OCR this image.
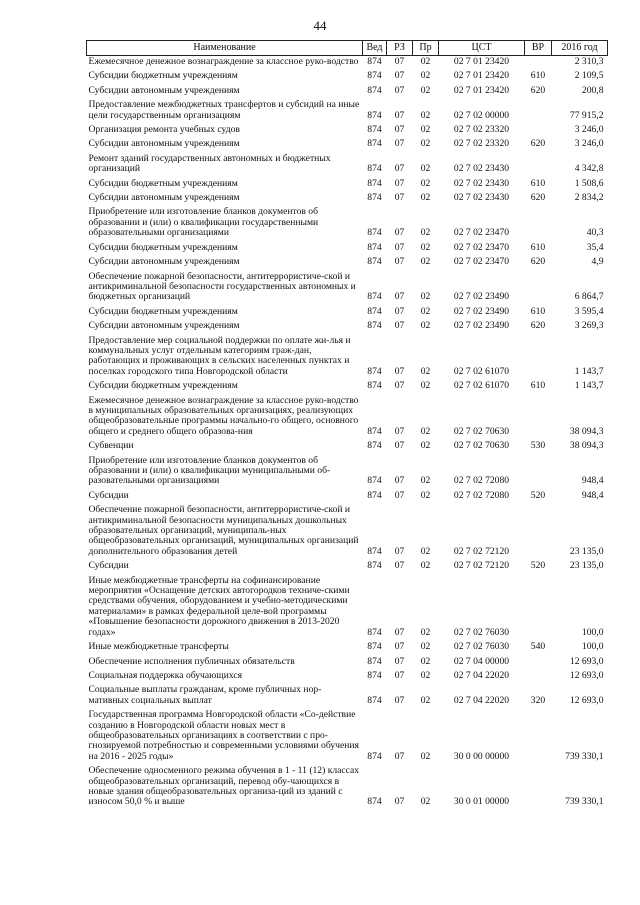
44
Наименование	Вед	РЗ	Пр	ЦСТ	ВР	2016 год
Ежемесячное денежное вознаграждение за классное руко-водство	874	07	02	02 7 01 23420		2 310,3
Субсидии бюджетным учреждениям	874	07	02	02 7 01 23420	610	2 109,5
Субсидии автономным учреждениям	874	07	02	02 7 01 23420	620	200,8
Предоставление межбюджетных трансфертов и субсидий на иные цели государственным организациям	874	07	02	02 7 02 00000		77 915,2
Организация ремонта учебных судов	874	07	02	02 7 02 23320		3 246,0
Субсидии автономным учреждениям	874	07	02	02 7 02 23320	620	3 246,0
Ремонт зданий государственных автономных и бюджетных организаций	874	07	02	02 7 02 23430		4 342,8
Субсидии бюджетным учреждениям	874	07	02	02 7 02 23430	610	1 508,6
Субсидии автономным учреждениям	874	07	02	02 7 02 23430	620	2 834,2
Приобретение или изготовление бланков документов об образовании и (или) о квалификации государственными образовательными организациями	874	07	02	02 7 02 23470		40,3
Субсидии бюджетным учреждениям	874	07	02	02 7 02 23470	610	35,4
Субсидии автономным учреждениям	874	07	02	02 7 02 23470	620	4,9
Обеспечение пожарной безопасности, антитеррористиче-ской и антикриминальной безопасности государственных автономных и бюджетных организаций	874	07	02	02 7 02 23490		6 864,7
Субсидии бюджетным учреждениям	874	07	02	02 7 02 23490	610	3 595,4
Субсидии автономным учреждениям	874	07	02	02 7 02 23490	620	3 269,3
Предоставление мер социальной поддержки по оплате жи-лья и коммунальных услуг отдельным категориям граж-дан, работающих и проживающих в сельских населенных пунктах и поселках городского типа Новгородской области	874	07	02	02 7 02 61070		1 143,7
Субсидии бюджетным учреждениям	874	07	02	02 7 02 61070	610	1 143,7
Ежемесячное денежное вознаграждение за классное руко-водство в муниципальных образовательных организациях, реализующих общеобразовательные программы начально-го общего, основного общего и среднего общего образова-ния	874	07	02	02 7 02 70630		38 094,3
Субвенции	874	07	02	02 7 02 70630	530	38 094,3
Приобретение или изготовление бланков документов об образовании и (или) о квалификации муниципальными об-разовательными организациями	874	07	02	02 7 02 72080		948,4
Субсидии	874	07	02	02 7 02 72080	520	948,4
Обеспечение пожарной безопасности, антитеррористиче-ской и антикриминальной безопасности муниципальных дошкольных образовательных организаций, муниципаль-ных общеобразовательных организаций, муниципальных организаций дополнительного образования детей	874	07	02	02 7 02 72120		23 135,0
Субсидии	874	07	02	02 7 02 72120	520	23 135,0
Иные межбюджетные трансферты на софинансирование мероприятия «Оснащение детских автогородков техниче-скими средствами обучения, оборудованием и учебно-методическими материалами» в рамках федеральной целе-вой программы «Повышение безопасности дорожного движения в 2013-2020 годах»	874	07	02	02 7 02 76030		100,0
Иные межбюджетные трансферты	874	07	02	02 7 02 76030	540	100,0
Обеспечение исполнения публичных обязательств	874	07	02	02 7 04 00000		12 693,0
Социальная поддержка обучающихся	874	07	02	02 7 04 22020		12 693,0
Социальные выплаты гражданам, кроме публичных нор-мативных социальных выплат	874	07	02	02 7 04 22020	320	12 693,0
Государственная программа Новгородской области «Со-действие созданию в Новгородской области новых мест в общеобразовательных организациях в соответствии с про-гнозируемой потребностью и современными условиями обучения на 2016 - 2025 годы»	874	07	02	30 0 00 00000		739 330,1
Обеспечение односменного режима обучения в 1 - 11 (12) классах общеобразовательных организаций, перевод обу-чающихся в новые здания общеобразовательных организа-ций из зданий с износом 50,0 % и выше	874	07	02	30 0 01 00000		739 330,1
